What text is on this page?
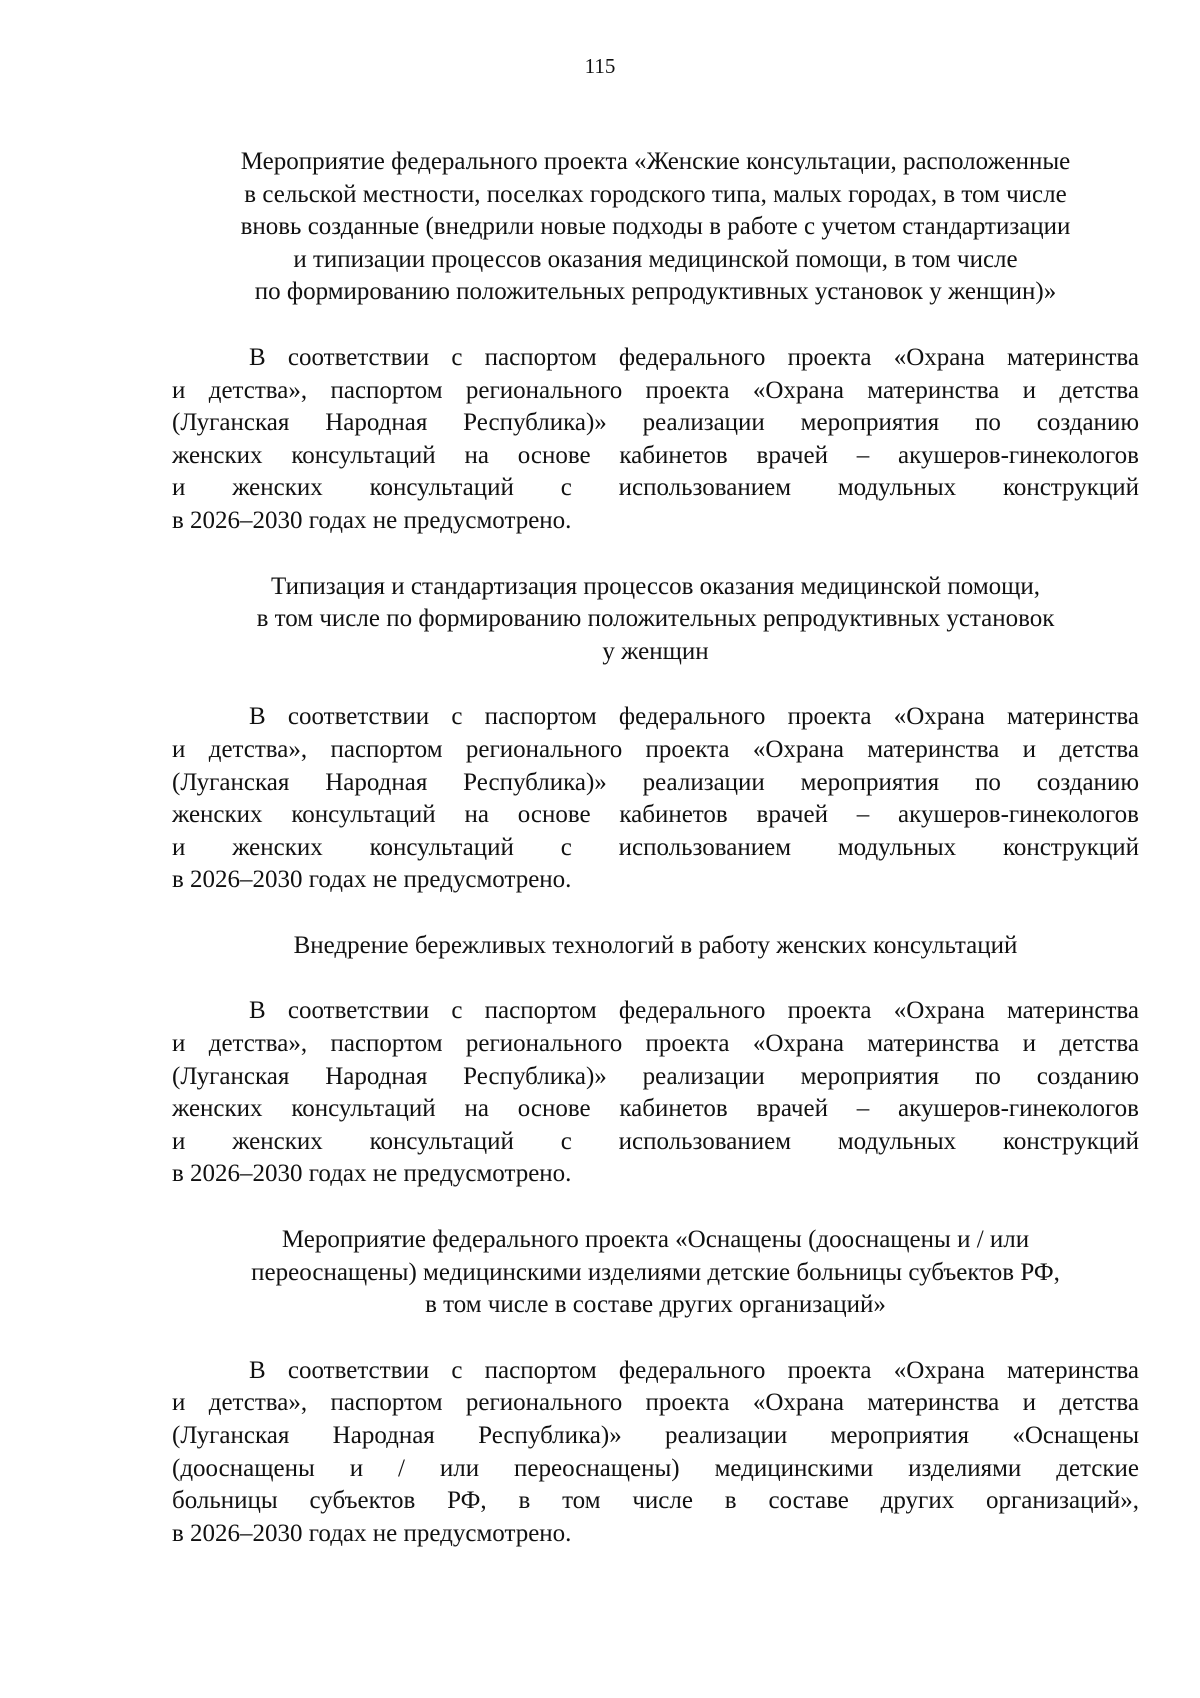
115

Мероприятие федерального проекта «Женские консультации, расположенные

в сельской местности, поселках городского типа, малых городах, в том числе

вновь созданные (внедрили новые подходы в работе с учетом стандартизации

и типизации процессов оказания медицинской помощи, в том числе

по формированию положительных репродуктивных установок у женщин)»

В соответствии с паспортом федерального проекта «Охрана материнства

и детства», паспортом регионального проекта «Охрана материнства и детства

(Луганская Народная Республика)» реализации мероприятия по созданию

женских консультаций на основе кабинетов врачей – акушеров-гинекологов

и женских консультаций с использованием модульных конструкций

в 2026–2030 годах не предусмотрено.

Типизация и стандартизация процессов оказания медицинской помощи,

в том числе по формированию положительных репродуктивных установок

у женщин

В соответствии с паспортом федерального проекта «Охрана материнства

и детства», паспортом регионального проекта «Охрана материнства и детства

(Луганская Народная Республика)» реализации мероприятия по созданию

женских консультаций на основе кабинетов врачей – акушеров-гинекологов

и женских консультаций с использованием модульных конструкций

в 2026–2030 годах не предусмотрено.

Внедрение бережливых технологий в работу женских консультаций

В соответствии с паспортом федерального проекта «Охрана материнства

и детства», паспортом регионального проекта «Охрана материнства и детства

(Луганская Народная Республика)» реализации мероприятия по созданию

женских консультаций на основе кабинетов врачей – акушеров-гинекологов

и женских консультаций с использованием модульных конструкций

в 2026–2030 годах не предусмотрено.

Мероприятие федерального проекта «Оснащены (дооснащены и / или

переоснащены) медицинскими изделиями детские больницы субъектов РФ,

в том числе в составе других организаций»

В соответствии с паспортом федерального проекта «Охрана материнства

и детства», паспортом регионального проекта «Охрана материнства и детства

(Луганская Народная Республика)» реализации мероприятия «Оснащены

(дооснащены и / или переоснащены) медицинскими изделиями детские

больницы субъектов РФ, в том числе в составе других организаций»,

в 2026–2030 годах не предусмотрено.
